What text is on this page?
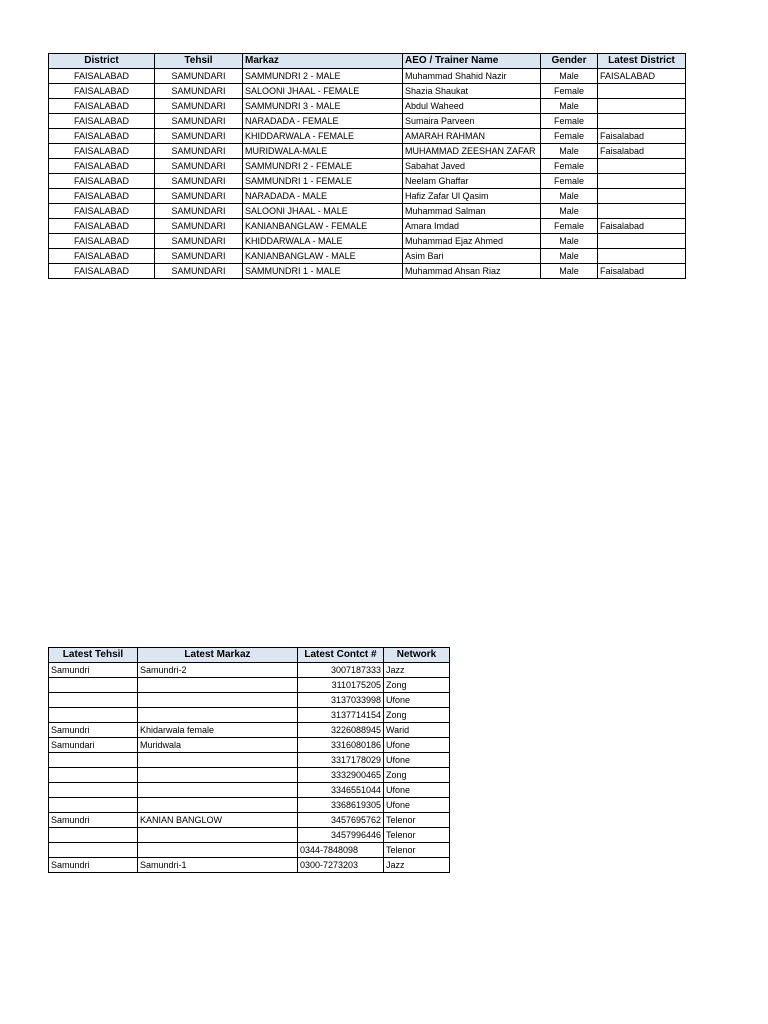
District	Tehsil	Markaz	AEO / Trainer Name	Gender	Latest District
FAISALABAD	SAMUNDARI	SAMMUNDRI 2 - MALE	Muhammad Shahid Nazir	Male	FAISALABAD
FAISALABAD	SAMUNDARI	SALOONI JHAAL - FEMALE	Shazia Shaukat	Female	
FAISALABAD	SAMUNDARI	SAMMUNDRI 3 - MALE	Abdul Waheed	Male	
FAISALABAD	SAMUNDARI	NARADADA - FEMALE	Sumaira Parveen	Female	
FAISALABAD	SAMUNDARI	KHIDDARWALA - FEMALE	AMARAH RAHMAN	Female	Faisalabad
FAISALABAD	SAMUNDARI	MURIDWALA-MALE	MUHAMMAD ZEESHAN ZAFAR	Male	Faisalabad
FAISALABAD	SAMUNDARI	SAMMUNDRI 2 - FEMALE	Sabahat Javed	Female	
FAISALABAD	SAMUNDARI	SAMMUNDRI 1 - FEMALE	Neelam Ghaffar	Female	
FAISALABAD	SAMUNDARI	NARADADA - MALE	Hafiz Zafar Ul Qasim	Male	
FAISALABAD	SAMUNDARI	SALOONI JHAAL - MALE	Muhammad Salman	Male	
FAISALABAD	SAMUNDARI	KANIANBANGLAW - FEMALE	Amara Imdad	Female	Faisalabad
FAISALABAD	SAMUNDARI	KHIDDARWALA - MALE	Muhammad Ejaz Ahmed	Male	
FAISALABAD	SAMUNDARI	KANIANBANGLAW - MALE	Asim Bari	Male	
FAISALABAD	SAMUNDARI	SAMMUNDRI 1 - MALE	Muhammad Ahsan Riaz	Male	Faisalabad
Latest Tehsil	Latest Markaz	Latest Contct #	Network
Samundri	Samundri-2	3007187333	Jazz
		3110175205	Zong
		3137033998	Ufone
		3137714154	Zong
Samundri	Khidarwala female	3226088945	Warid
Samundari	Muridwala	3316080186	Ufone
		3317178029	Ufone
		3332900465	Zong
		3346551044	Ufone
		3368619305	Ufone
Samundri	KANIAN BANGLOW	3457695762	Telenor
		3457996446	Telenor
		0344-7848098	Telenor
Samundri	Samundri-1	0300-7273203	Jazz
